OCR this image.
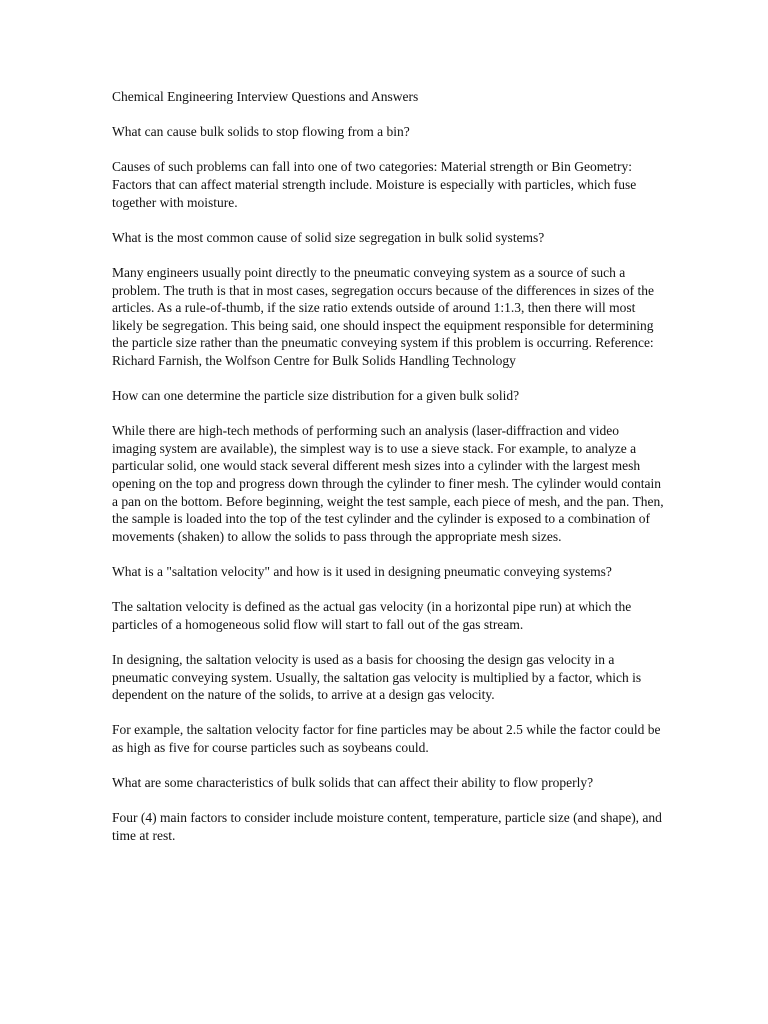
Chemical Engineering Interview Questions and Answers

What can cause bulk solids to stop flowing from a bin?

Causes of such problems can fall into one of two categories: Material strength or Bin Geometry: Factors that can affect material strength include. Moisture is especially with particles, which fuse together with moisture.

What is the most common cause of solid size segregation in bulk solid systems?

Many engineers usually point directly to the pneumatic conveying system as a source of such a problem. The truth is that in most cases, segregation occurs because of the differences in sizes of the articles. As a rule-of-thumb, if the size ratio extends outside of around 1:1.3, then there will most likely be segregation. This being said, one should inspect the equipment responsible for determining the particle size rather than the pneumatic conveying system if this problem is occurring. Reference: Richard Farnish, the Wolfson Centre for Bulk Solids Handling Technology

How can one determine the particle size distribution for a given bulk solid?

While there are high-tech methods of performing such an analysis (laser-diffraction and video imaging system are available), the simplest way is to use a sieve stack. For example, to analyze a particular solid, one would stack several different mesh sizes into a cylinder with the largest mesh opening on the top and progress down through the cylinder to finer mesh. The cylinder would contain a pan on the bottom. Before beginning, weight the test sample, each piece of mesh, and the pan. Then, the sample is loaded into the top of the test cylinder and the cylinder is exposed to a combination of movements (shaken) to allow the solids to pass through the appropriate mesh sizes.

What is a "saltation velocity" and how is it used in designing pneumatic conveying systems?

The saltation velocity is defined as the actual gas velocity (in a horizontal pipe run) at which the particles of a homogeneous solid flow will start to fall out of the gas stream.

In designing, the saltation velocity is used as a basis for choosing the design gas velocity in a pneumatic conveying system. Usually, the saltation gas velocity is multiplied by a factor, which is dependent on the nature of the solids, to arrive at a design gas velocity.

For example, the saltation velocity factor for fine particles may be about 2.5 while the factor could be as high as five for course particles such as soybeans could.

What are some characteristics of bulk solids that can affect their ability to flow properly?

Four (4) main factors to consider include moisture content, temperature, particle size (and shape), and time at rest.
